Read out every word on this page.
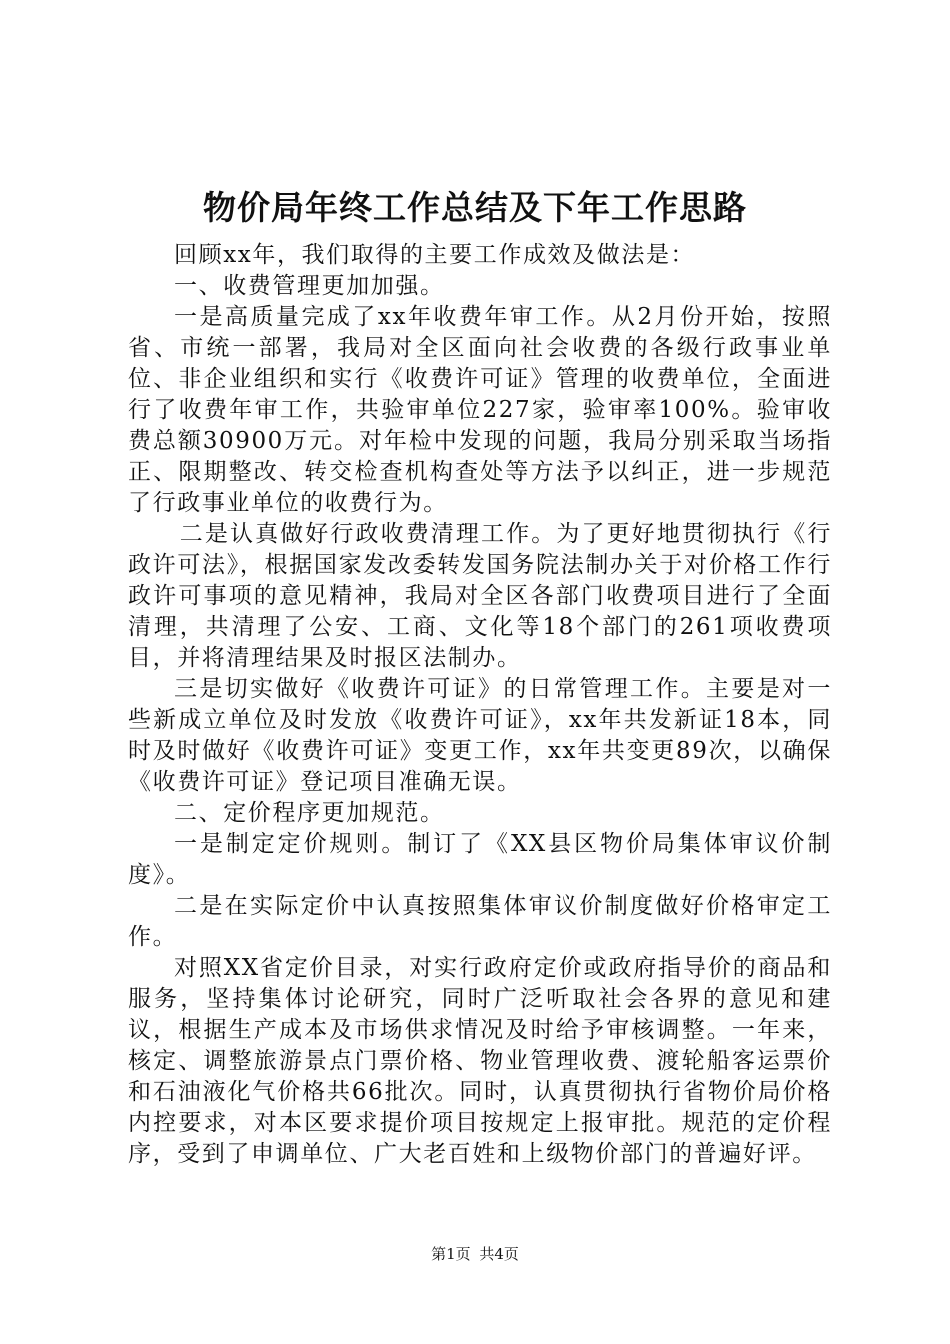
物价局年终工作总结及下年工作思路

回顾xx年，我们取得的主要工作成效及做法是：

一、收费管理更加加强。

一是高质量完成了xx年收费年审工作。从2月份开始，按照省、市统一部署，我局对全区面向社会收费的各级行政事业单位、非企业组织和实行《收费许可证》管理的收费单位，全面进行了收费年审工作，共验审单位227家，验审率100%。验审收费总额30900万元。对年检中发现的问题，我局分别采取当场指正、限期整改、转交检查机构查处等方法予以纠正，进一步规范了行政事业单位的收费行为。

二是认真做好行政收费清理工作。为了更好地贯彻执行《行政许可法》，根据国家发改委转发国务院法制办关于对价格工作行政许可事项的意见精神，我局对全区各部门收费项目进行了全面清理，共清理了公安、工商、文化等18个部门的261项收费项目，并将清理结果及时报区法制办。

三是切实做好《收费许可证》的日常管理工作。主要是对一些新成立单位及时发放《收费许可证》，xx年共发新证18本，同时及时做好《收费许可证》变更工作，xx年共变更89次，以确保《收费许可证》登记项目准确无误。

二、定价程序更加规范。

一是制定定价规则。制订了《XX县区物价局集体审议价制度》。

二是在实际定价中认真按照集体审议价制度做好价格审定工作。

对照XX省定价目录，对实行政府定价或政府指导价的商品和服务，坚持集体讨论研究，同时广泛听取社会各界的意见和建议，根据生产成本及市场供求情况及时给予审核调整。一年来，核定、调整旅游景点门票价格、物业管理收费、渡轮船客运票价和石油液化气价格共66批次。同时，认真贯彻执行省物价局价格内控要求，对本区要求提价项目按规定上报审批。规范的定价程序，受到了申调单位、广大老百姓和上级物价部门的普遍好评。

第1页 共4页
